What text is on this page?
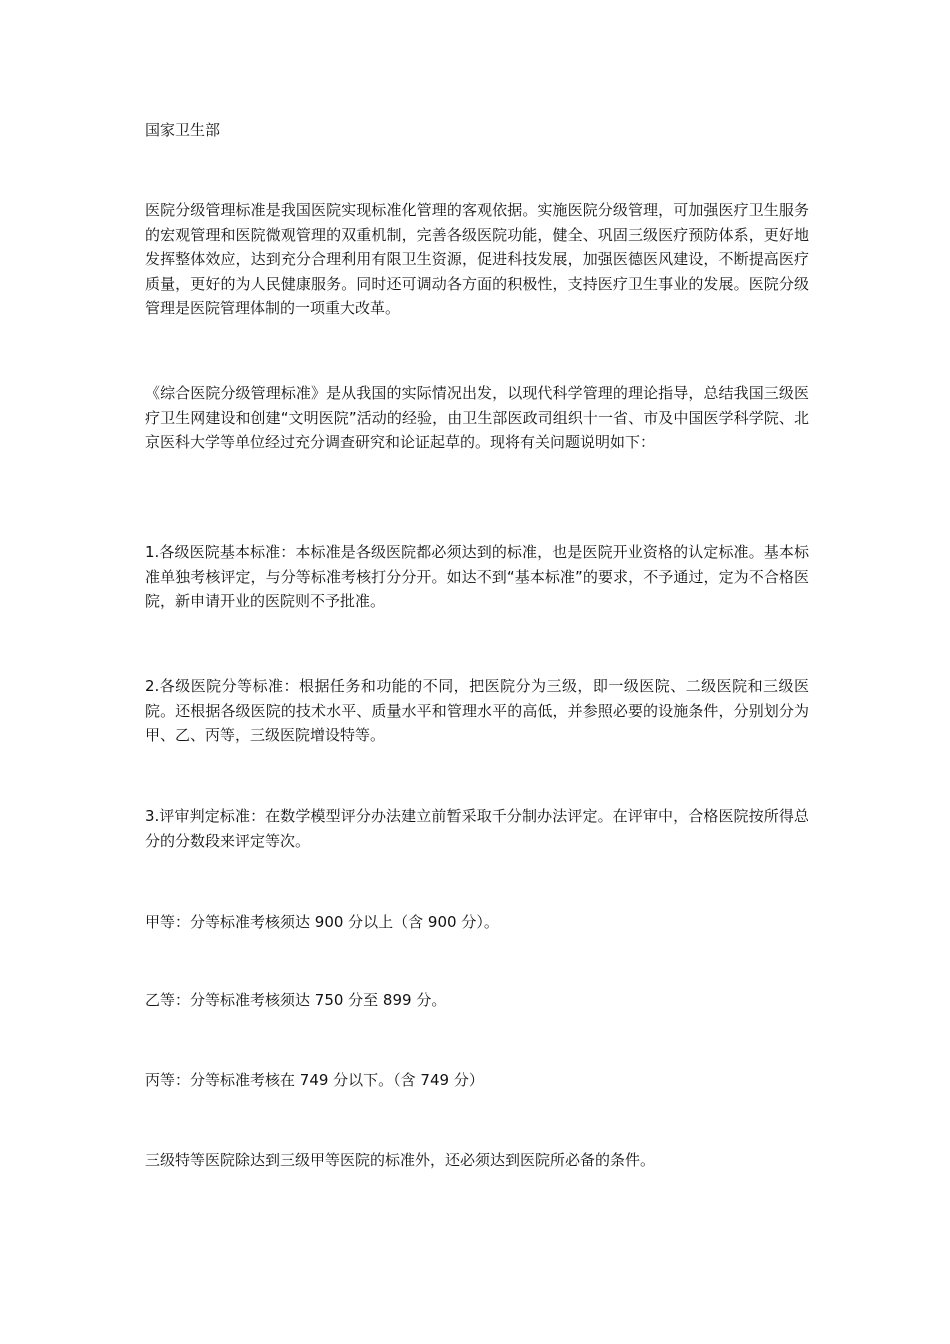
国家卫生部

医院分级管理标准是我国医院实现标准化管理的客观依据。实施医院分级管理，可加强医疗卫生服务的宏观管理和医院微观管理的双重机制，完善各级医院功能，健全、巩固三级医疗预防体系，更好地发挥整体效应，达到充分合理利用有限卫生资源，促进科技发展，加强医德医风建设，不断提高医疗质量，更好的为人民健康服务。同时还可调动各方面的积极性，支持医疗卫生事业的发展。医院分级管理是医院管理体制的一项重大改革。

《综合医院分级管理标准》是从我国的实际情况出发，以现代科学管理的理论指导，总结我国三级医疗卫生网建设和创建“文明医院”活动的经验，由卫生部医政司组织十一省、市及中国医学科学院、北京医科大学等单位经过充分调查研究和论证起草的。现将有关问题说明如下：

1.各级医院基本标准：本标准是各级医院都必须达到的标准，也是医院开业资格的认定标准。基本标准单独考核评定，与分等标准考核打分分开。如达不到“基本标准”的要求，不予通过，定为不合格医院，新申请开业的医院则不予批准。

2.各级医院分等标准：根据任务和功能的不同，把医院分为三级，即一级医院、二级医院和三级医院。还根据各级医院的技术水平、质量水平和管理水平的高低，并参照必要的设施条件，分别划分为甲、乙、丙等，三级医院增设特等。

3.评审判定标准：在数学模型评分办法建立前暂采取千分制办法评定。在评审中，合格医院按所得总分的分数段来评定等次。

甲等：分等标准考核须达 900 分以上（含 900 分）。

乙等：分等标准考核须达 750 分至 899 分。

丙等：分等标准考核在 749 分以下。（含 749 分）

三级特等医院除达到三级甲等医院的标准外，还必须达到医院所必备的条件。
